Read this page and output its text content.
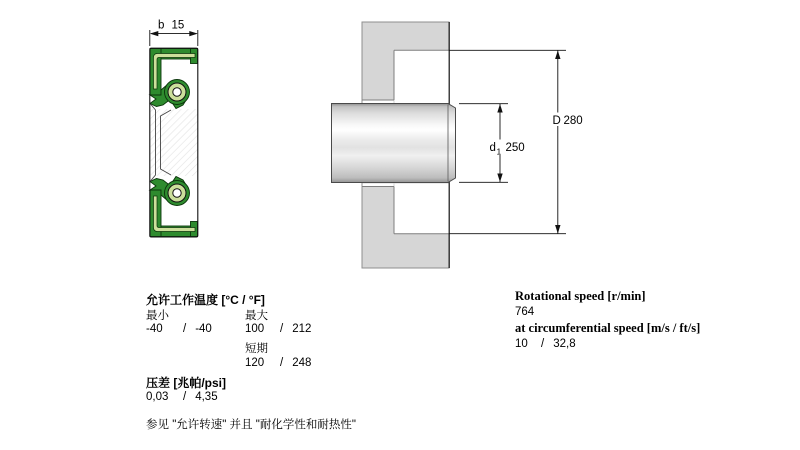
b 15
d 1 250
D 280
允许工作温度 [°C / °F]
最小	最大
-40	/ -40	100	/ 212
短期
120	/ 248
压差 [兆帕/psi]
0,03	/ 4,35
参见 "允许转速" 并且 "耐化学性和耐热性"
Rotational speed [r/min]
764
at circumferential speed [m/s / ft/s]
10	/ 32,8
